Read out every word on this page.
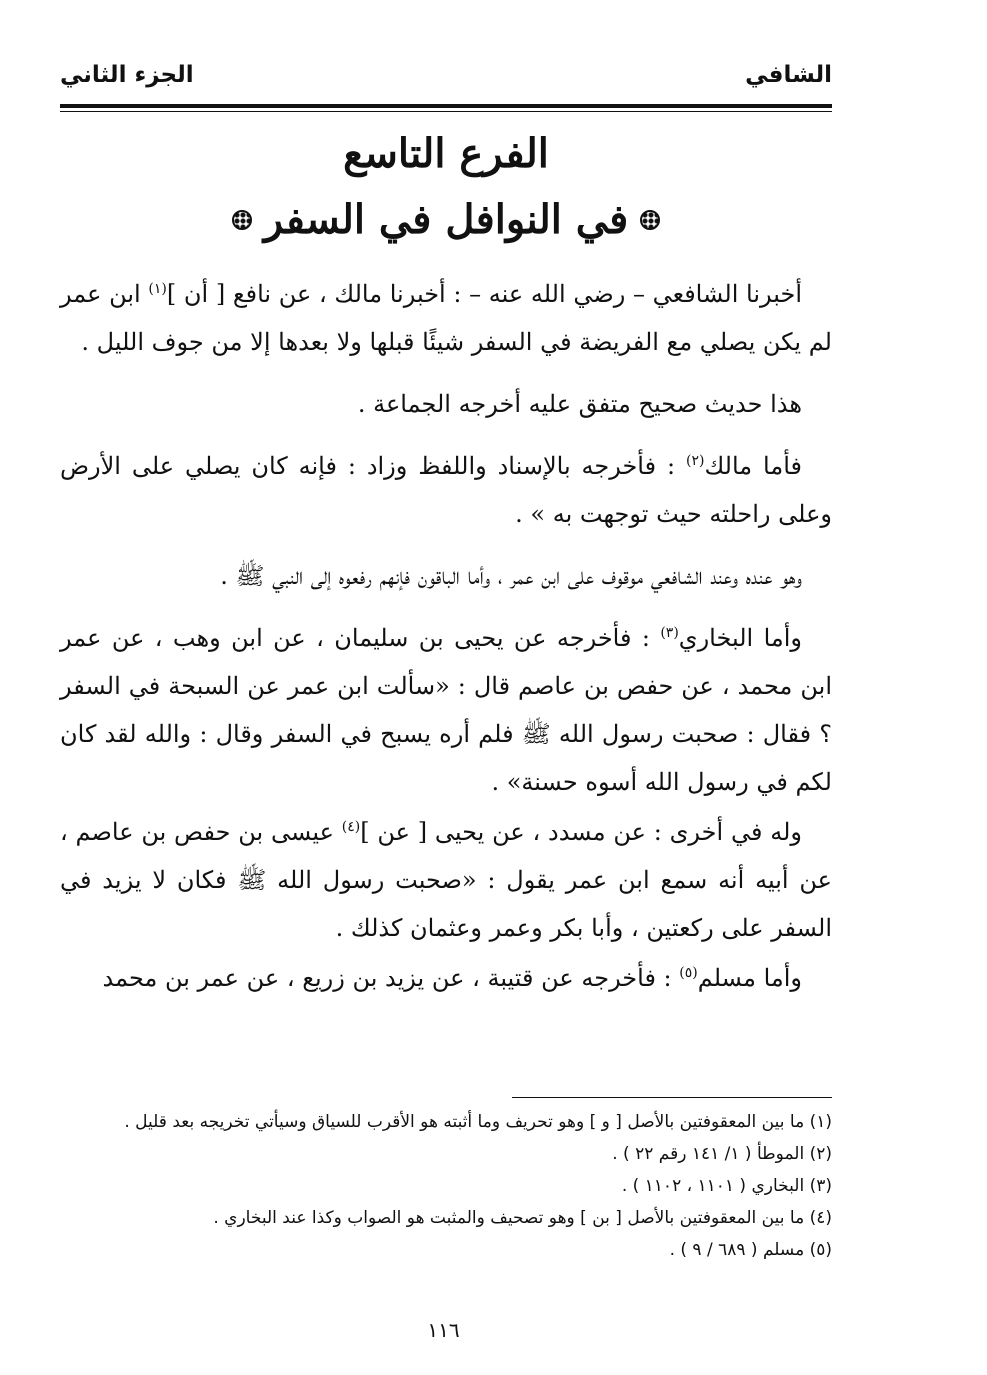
الشافي
الجزء الثاني
الفرع التاسع
في النوافل في السفر

أخبرنا الشافعي – رضي الله عنه – : أخبرنا مالك ، عن نافع [ أن ]$^{(١)}$ ابن عمر لم يكن يصلي مع الفريضة في السفر شيئًا قبلها ولا بعدها إلا من جوف الليل .

هذا حديث صحيح متفق عليه أخرجه الجماعة .

فأما مالك$^{(٢)}$ : فأخرجه بالإسناد واللفظ وزاد : فإنه كان يصلي على الأرض وعلى راحلته حيث توجهت به » .

وهو عنده وعند الشافعي موقوف على ابن عمر ، وأما الباقون فإنهم رفعوه إلى النبي ﷺ .

وأما البخاري$^{(٣)}$ : فأخرجه عن يحيى بن سليمان ، عن ابن وهب ، عن عمر ابن محمد ، عن حفص بن عاصم قال : «سألت ابن عمر عن السبحة في السفر ؟ فقال : صحبت رسول الله ﷺ فلم أره يسبح في السفر وقال : والله لقد كان لكم في رسول الله أسوه حسنة» .

وله في أخرى : عن مسدد ، عن يحيى [ عن ]$^{(٤)}$ عيسى بن حفص بن عاصم ، عن أبيه أنه سمع ابن عمر يقول : «صحبت رسول الله ﷺ فكان لا يزيد في السفر على ركعتين ، وأبا بكر وعمر وعثمان كذلك .

وأما مسلم$^{(٥)}$ : فأخرجه عن قتيبة ، عن يزيد بن زريع ، عن عمر بن محمد

(١) ما بين المعقوفتين بالأصل [ و ] وهو تحريف وما أثبته هو الأقرب للسياق وسيأتي تخريجه بعد قليل .
(٢) الموطأ ( ١/ ١٤١ رقم ٢٢ ) .
(٣) البخاري ( ١١٠١ ، ١١٠٢ ) .
(٤) ما بين المعقوفتين بالأصل [ بن ] وهو تصحيف والمثبت هو الصواب وكذا عند البخاري .
(٥) مسلم ( ٦٨٩ / ٩ ) .
١١٦
